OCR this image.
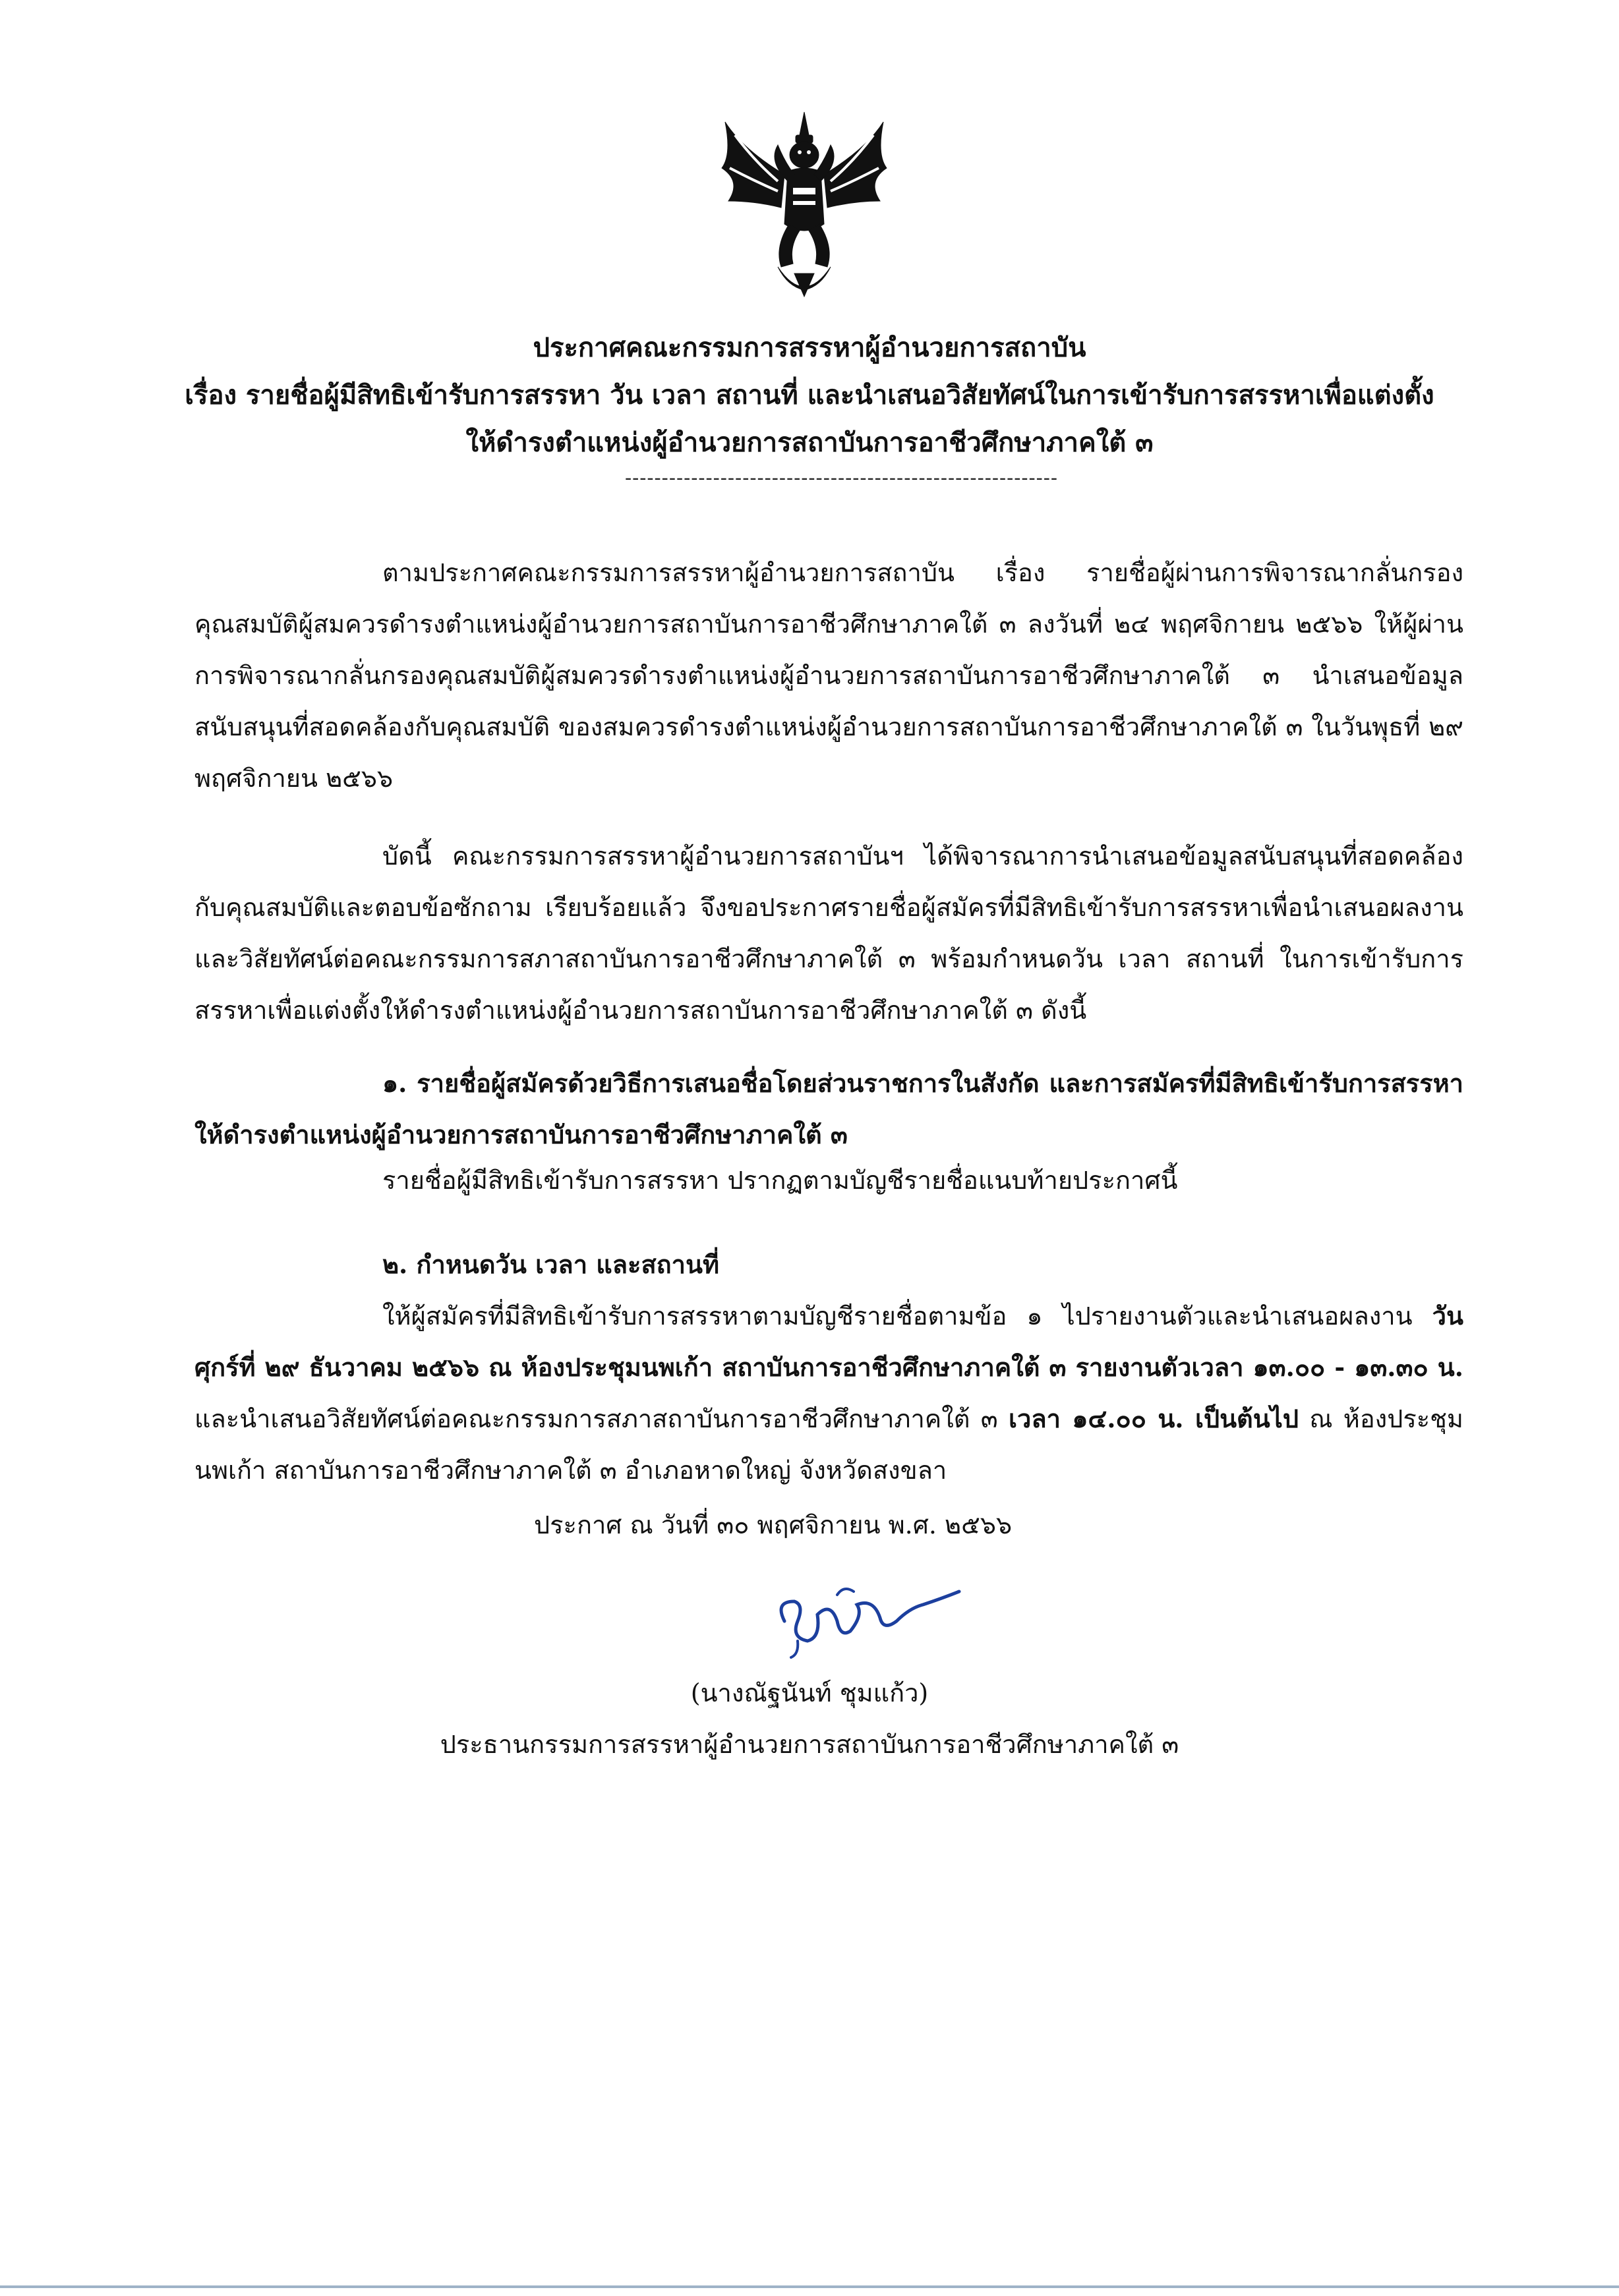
ประกาศคณะกรรมการสรรหาผู้อำนวยการสถาบัน
เรื่อง รายชื่อผู้มีสิทธิเข้ารับการสรรหา วัน เวลา สถานที่ และนำเสนอวิสัยทัศน์ในการเข้ารับการสรรหาเพื่อแต่งตั้ง
ให้ดำรงตำแหน่งผู้อำนวยการสถาบันการอาชีวศึกษาภาคใต้ ๓
-----------------------------------------------------------
ตามประกาศคณะกรรมการสรรหาผู้อำนวยการสถาบัน เรื่อง รายชื่อผู้ผ่านการพิจารณากลั่นกรองคุณสมบัติผู้สมควรดำรงตำแหน่งผู้อำนวยการสถาบันการอาชีวศึกษาภาคใต้ ๓ ลงวันที่ ๒๔ พฤศจิกายน ๒๕๖๖ ให้ผู้ผ่านการพิจารณากลั่นกรองคุณสมบัติผู้สมควรดำรงตำแหน่งผู้อำนวยการสถาบันการอาชีวศึกษาภาคใต้ ๓ นำเสนอข้อมูลสนับสนุนที่สอดคล้องกับคุณสมบัติ ของสมควรดำรงตำแหน่งผู้อำนวยการสถาบันการอาชีวศึกษาภาคใต้ ๓ ในวันพุธที่ ๒๙ พฤศจิกายน ๒๕๖๖
บัดนี้ คณะกรรมการสรรหาผู้อำนวยการสถาบันฯ ได้พิจารณาการนำเสนอข้อมูลสนับสนุนที่สอดคล้องกับคุณสมบัติและตอบข้อซักถาม เรียบร้อยแล้ว จึงขอประกาศรายชื่อผู้สมัครที่มีสิทธิเข้ารับการสรรหาเพื่อนำเสนอผลงานและวิสัยทัศน์ต่อคณะกรรมการสภาสถาบันการอาชีวศึกษาภาคใต้ ๓ พร้อมกำหนดวัน เวลา สถานที่ ในการเข้ารับการสรรหาเพื่อแต่งตั้งให้ดำรงตำแหน่งผู้อำนวยการสถาบันการอาชีวศึกษาภาคใต้ ๓ ดังนี้
๑. รายชื่อผู้สมัครด้วยวิธีการเสนอชื่อโดยส่วนราชการในสังกัด และการสมัครที่มีสิทธิเข้ารับการสรรหาให้ดำรงตำแหน่งผู้อำนวยการสถาบันการอาชีวศึกษาภาคใต้ ๓
รายชื่อผู้มีสิทธิเข้ารับการสรรหา ปรากฏตามบัญชีรายชื่อแนบท้ายประกาศนี้
๒. กำหนดวัน เวลา และสถานที่
ให้ผู้สมัครที่มีสิทธิเข้ารับการสรรหาตามบัญชีรายชื่อตามข้อ ๑ ไปรายงานตัวและนำเสนอผลงาน วันศุกร์ที่ ๒๙ ธันวาคม ๒๕๖๖ ณ ห้องประชุมนพเก้า สถาบันการอาชีวศึกษาภาคใต้ ๓ รายงานตัวเวลา ๑๓.๐๐ - ๑๓.๓๐ น. และนำเสนอวิสัยทัศน์ต่อคณะกรรมการสภาสถาบันการอาชีวศึกษาภาคใต้ ๓ เวลา ๑๔.๐๐ น. เป็นต้นไป ณ ห้องประชุมนพเก้า สถาบันการอาชีวศึกษาภาคใต้ ๓ อำเภอหาดใหญ่ จังหวัดสงขลา
ประกาศ ณ วันที่ ๓๐ พฤศจิกายน พ.ศ. ๒๕๖๖
(นางณัฐนันท์ ชุมแก้ว)
ประธานกรรมการสรรหาผู้อำนวยการสถาบันการอาชีวศึกษาภาคใต้ ๓
